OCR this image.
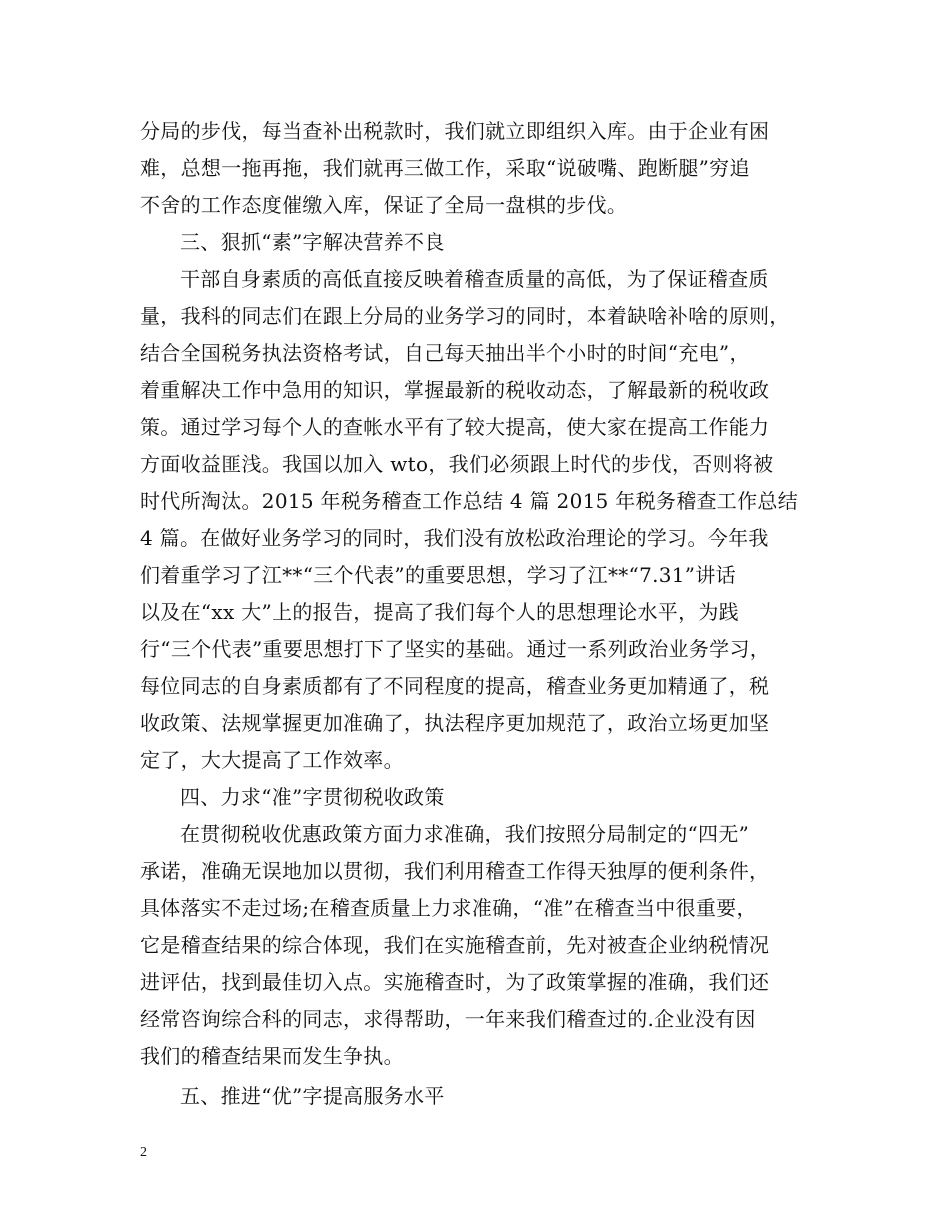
分局的步伐，每当查补出税款时，我们就立即组织入库。由于企业有困
难，总想一拖再拖，我们就再三做工作，采取“说破嘴、跑断腿”穷追
不舍的工作态度催缴入库，保证了全局一盘棋的步伐。
三、狠抓“素”字解决营养不良
干部自身素质的高低直接反映着稽查质量的高低，为了保证稽查质
量，我科的同志们在跟上分局的业务学习的同时，本着缺啥补啥的原则，
结合全国税务执法资格考试，自己每天抽出半个小时的时间“充电”，
着重解决工作中急用的知识，掌握最新的税收动态，了解最新的税收政
策。通过学习每个人的查帐水平有了较大提高，使大家在提高工作能力
方面收益匪浅。我国以加入 wto，我们必须跟上时代的步伐，否则将被
时代所淘汰。2015 年税务稽查工作总结 4 篇 2015 年税务稽查工作总结
4 篇。在做好业务学习的同时，我们没有放松政治理论的学习。今年我
们着重学习了江**“三个代表”的重要思想，学习了江**“7.31”讲话
以及在“xx 大”上的报告，提高了我们每个人的思想理论水平，为践
行“三个代表”重要思想打下了坚实的基础。通过一系列政治业务学习，
每位同志的自身素质都有了不同程度的提高，稽查业务更加精通了，税
收政策、法规掌握更加准确了，执法程序更加规范了，政治立场更加坚
定了，大大提高了工作效率。
四、力求“准”字贯彻税收政策
在贯彻税收优惠政策方面力求准确，我们按照分局制定的“四无”
承诺，准确无误地加以贯彻，我们利用稽查工作得天独厚的便利条件，
具体落实不走过场;在稽查质量上力求准确，“准”在稽查当中很重要，
它是稽查结果的综合体现，我们在实施稽查前，先对被查企业纳税情况
进评估，找到最佳切入点。实施稽查时，为了政策掌握的准确，我们还
经常咨询综合科的同志，求得帮助，一年来我们稽查过的.企业没有因
我们的稽查结果而发生争执。
五、推进“优”字提高服务水平
2
